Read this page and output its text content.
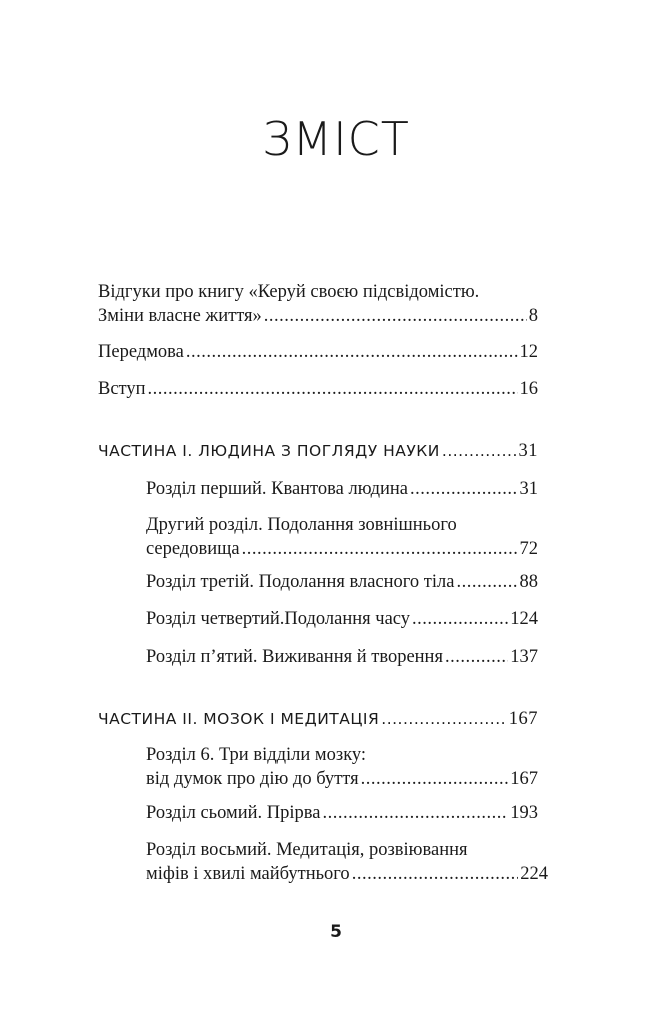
ЗМІСТ
Відгуки про книгу «Керуй своєю підсвідомістю.
Зміни власне життя» .....	8
Передмова .....	12
Вступ .....	16
ЧАСТИНА І. ЛЮДИНА З ПОГЛЯДУ НАУКИ .....	31
Розділ перший. Квантова людина .....	31
Другий розділ. Подолання зовнішнього
середовища .....	72
Розділ третій. Подолання власного тіла .....	88
Розділ четвертий.Подолання часу .....	124
Розділ п’ятий. Виживання й творення .....	137
ЧАСТИНА ІІ. МОЗОК І МЕДИТАЦІЯ .....	167
Розділ 6. Три відділи мозку:
від думок про дію до буття .....	167
Розділ сьомий. Прірва .....	193
Розділ восьмий. Медитація, розвіювання
міфів і хвилі майбутнього .....	224
5
